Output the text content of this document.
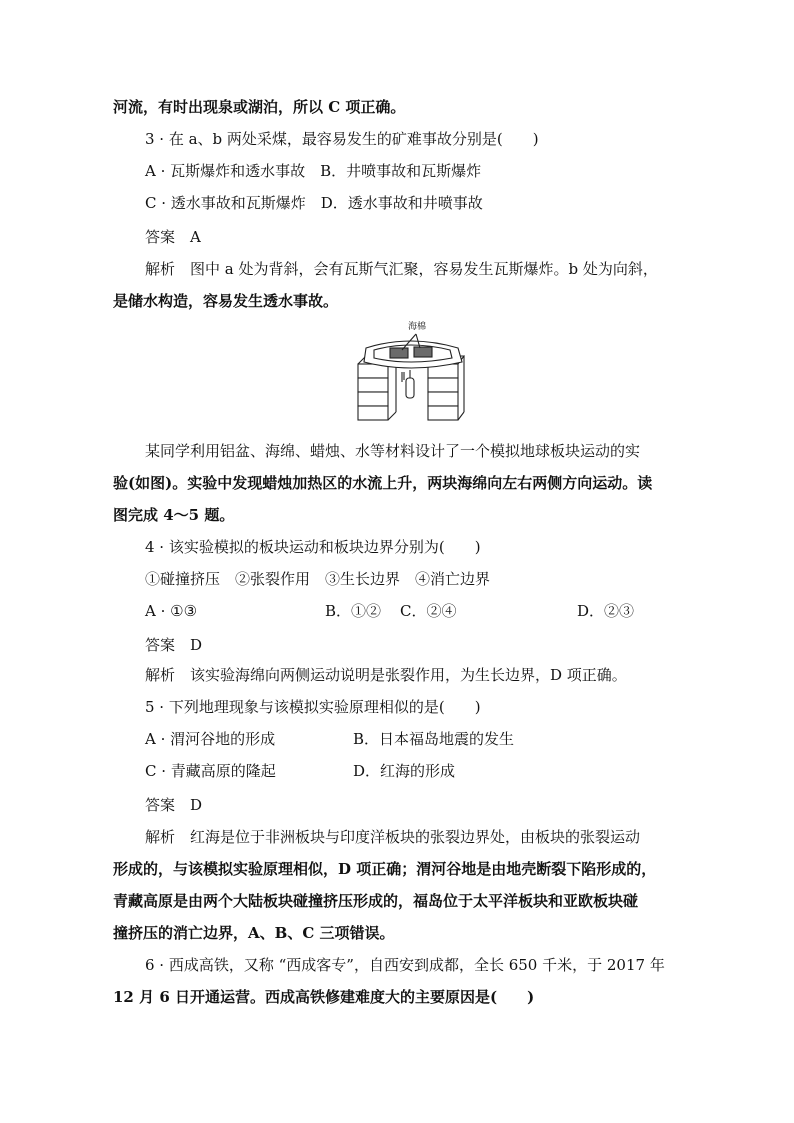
河流，有时出现泉或湖泊，所以 C 项正确。
3 · 在 a、b 两处采煤，最容易发生的矿难事故分别是(　　)
A · 瓦斯爆炸和透水事故　B．井喷事故和瓦斯爆炸
C · 透水事故和瓦斯爆炸　D．透水事故和井喷事故
答案　A
解析　图中 a 处为背斜，会有瓦斯气汇聚，容易发生瓦斯爆炸。b 处为向斜，
是储水构造，容易发生透水事故。
海棉
某同学利用铝盆、海绵、蜡烛、水等材料设计了一个模拟地球板块运动的实
验(如图)。实验中发现蜡烛加热区的水流上升，两块海绵向左右两侧方向运动。读
图完成 4～5 题。
4 · 该实验模拟的板块运动和板块边界分别为(　　)
①碰撞挤压　②张裂作用　③生长边界　④消亡边界
A · ①③	B．①② C．②④	D．②③
答案　D
解析　该实验海绵向两侧运动说明是张裂作用，为生长边界，D 项正确。
5 · 下列地理现象与该模拟实验原理相似的是(　　)
A · 渭河谷地的形成	B．日本福岛地震的发生
C · 青藏高原的隆起	D．红海的形成
答案　D
解析　红海是位于非洲板块与印度洋板块的张裂边界处，由板块的张裂运动
形成的，与该模拟实验原理相似，D 项正确；渭河谷地是由地壳断裂下陷形成的，
青藏高原是由两个大陆板块碰撞挤压形成的，福岛位于太平洋板块和亚欧板块碰
撞挤压的消亡边界，A、B、C 三项错误。
6 · 西成高铁，又称 “西成客专”，自西安到成都，全长 650 千米，于 2017 年
12 月 6 日开通运营。西成高铁修建难度大的主要原因是(　　)
